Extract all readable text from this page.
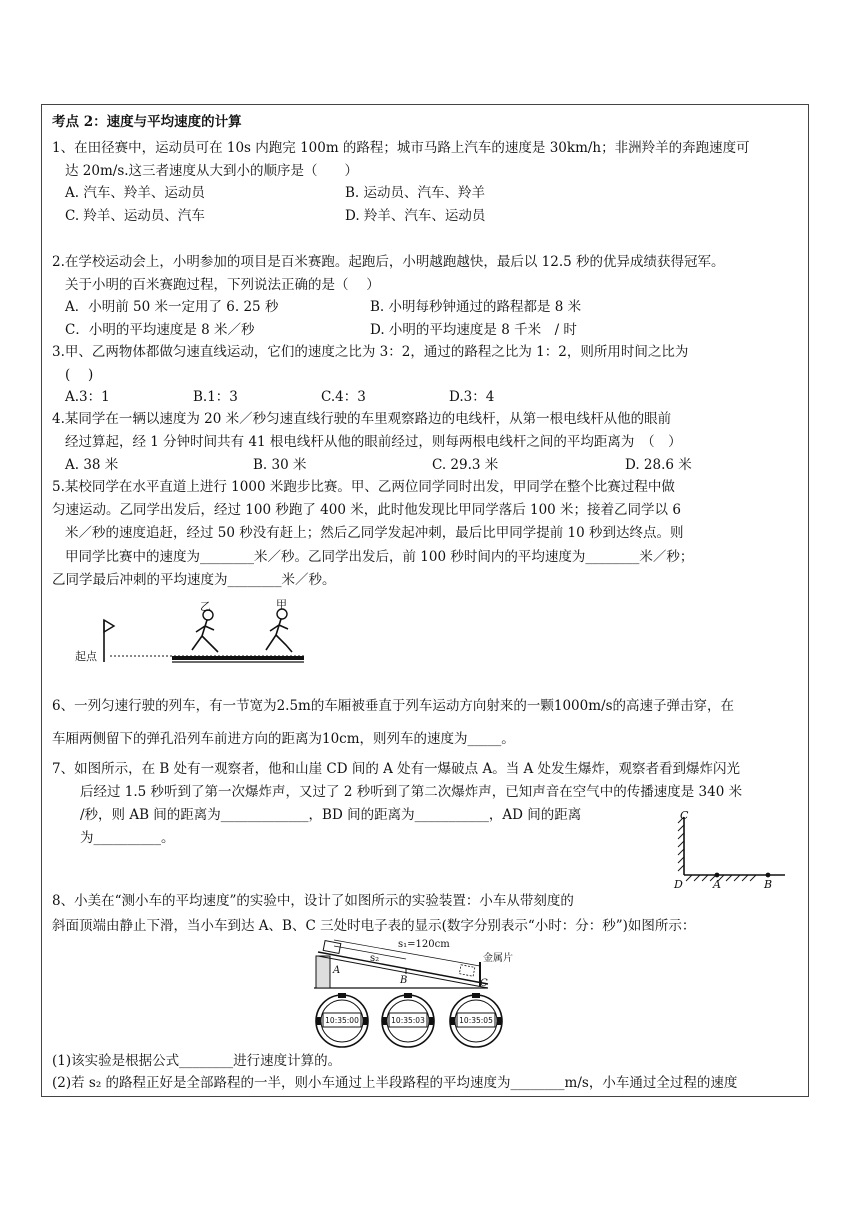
考点 2：速度与平均速度的计算
1、在田径赛中，运动员可在 10s 内跑完 100m 的路程；城市马路上汽车的速度是 30km/h；非洲羚羊的奔跑速度可
达 20m/s.这三者速度从大到小的顺序是（　　）
A. 汽车、羚羊、运动员	B. 运动员、汽车、羚羊
C. 羚羊、运动员、汽车	D. 羚羊、汽车、运动员
2.在学校运动会上，小明参加的项目是百米赛跑。起跑后，小明越跑越快，最后以 12.5 秒的优异成绩获得冠军。
关于小明的百米赛跑过程，下列说法正确的是（　 ）
A．小明前 50 米一定用了 6. 25 秒	B. 小明每秒钟通过的路程都是 8 米
C．小明的平均速度是 8 米／秒	D. 小明的平均速度是 8 千米　/ 时
3.甲、乙两物体都做匀速直线运动，它们的速度之比为 3：2，通过的路程之比为 1：2，则所用时间之比为
(　 )
A.3：1	B.1：3	C.4：3	D.3：4
4.某同学在一辆以速度为 20 米／秒匀速直线行驶的车里观察路边的电线杆，从第一根电线杆从他的眼前
经过算起，经 1 分钟时间共有 41 根电线杆从他的眼前经过，则每两根电线杆之间的平均距离为　（　）
A. 38 米	B. 30 米	C. 29.3 米	D. 28.6 米
5.某校同学在水平直道上进行 1000 米跑步比赛。甲、乙两位同学同时出发，甲同学在整个比赛过程中做
匀速运动。乙同学出发后，经过 100 秒跑了 400 米，此时他发现比甲同学落后 100 米；接着乙同学以 6
米／秒的速度追赶，经过 50 秒没有赶上；然后乙同学发起冲刺，最后比甲同学提前 10 秒到达终点。则
甲同学比赛中的速度为________米／秒。乙同学出发后，前 100 秒时间内的平均速度为________米／秒；
乙同学最后冲刺的平均速度为________米／秒。
起点
乙	甲
6、一列匀速行驶的列车，有一节宽为2.5m的车厢被垂直于列车运动方向射来的一颗1000m/s的高速子弹击穿，在
车厢两侧留下的弹孔沿列车前进方向的距离为10cm，则列车的速度为_____。
7、如图所示，在 B 处有一观察者，他和山崖 CD 间的 A 处有一爆破点 A。当 A 处发生爆炸，观察者看到爆炸闪光
后经过 1.5 秒听到了第一次爆炸声，又过了 2 秒听到了第二次爆炸声，已知声音在空气中的传播速度是 340 米
/秒，则 AB 间的距离为_____________，BD 间的距离为___________，AD 间的距离
为__________。
C
D	A	B
8、小美在“测小车的平均速度”的实验中，设计了如图所示的实验装置：小车从带刻度的
斜面顶端由静止下滑，当小车到达 A、B、C 三处时电子表的显示(数字分别表示“小时：分：秒”)如图所示：
s₁=120cm
s₂	金属片
A
B	C
10:35:00	10:35:03	10:35:05
(1)该实验是根据公式________进行速度计算的。
(2)若 s₂ 的路程正好是全部路程的一半，则小车通过上半段路程的平均速度为________m/s，小车通过全过程的速度
